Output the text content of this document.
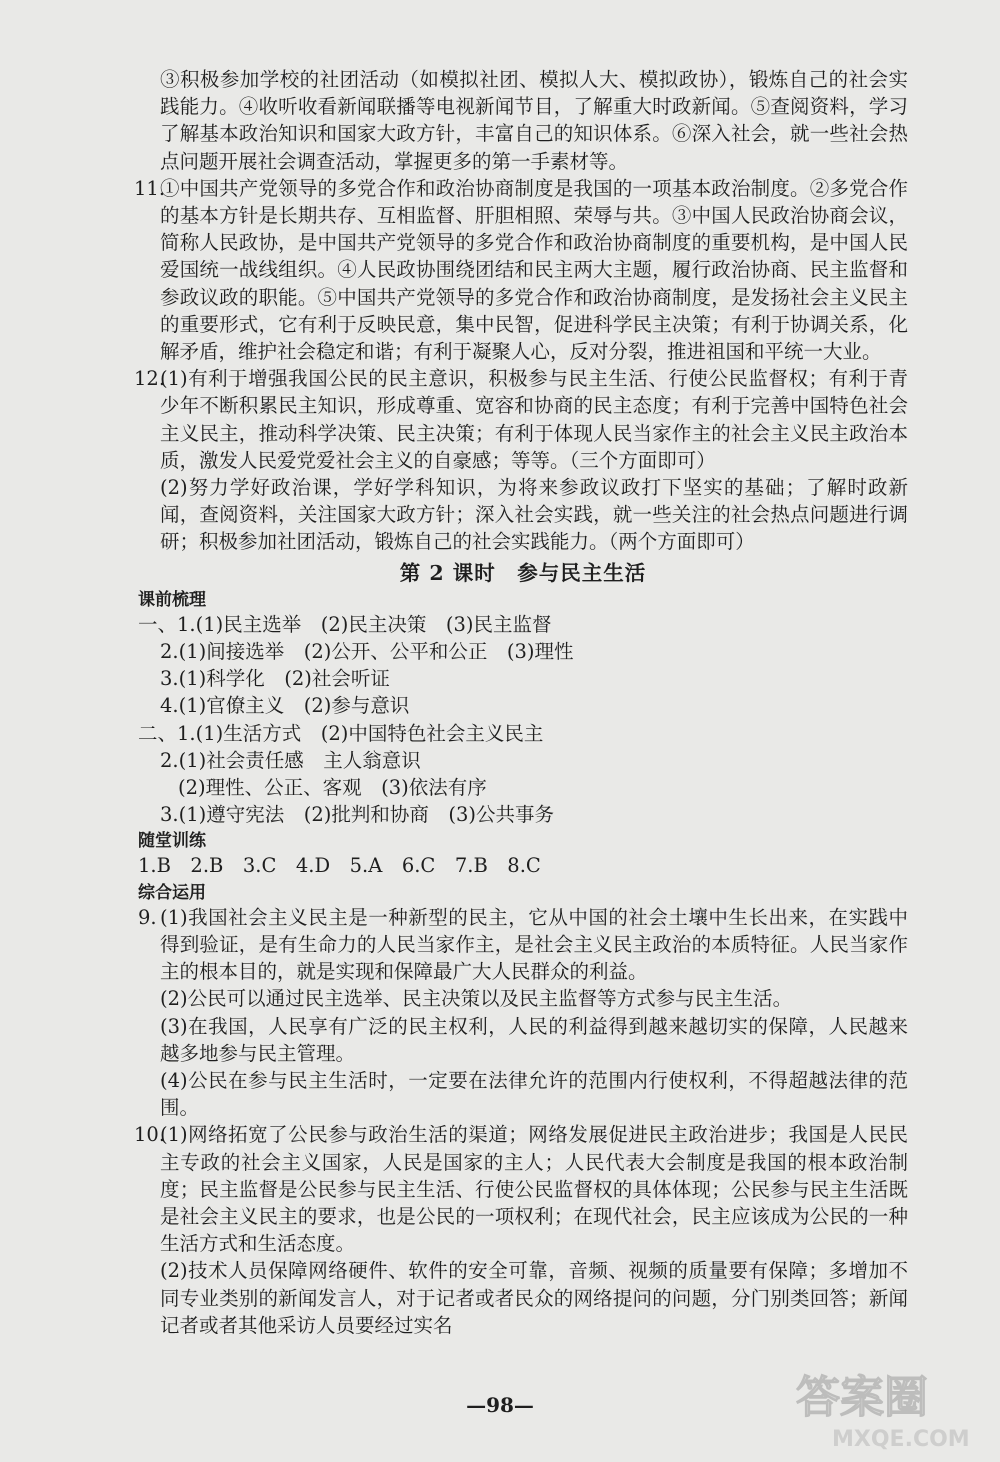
③积极参加学校的社团活动（如模拟社团、模拟人大、模拟政协），锻炼自己的社会实践能力。④收听收看新闻联播等电视新闻节目，了解重大时政新闻。⑤查阅资料，学习了解基本政治知识和国家大政方针，丰富自己的知识体系。⑥深入社会，就一些社会热点问题开展社会调查活动，掌握更多的第一手素材等。

11.
①中国共产党领导的多党合作和政治协商制度是我国的一项基本政治制度。②多党合作的基本方针是长期共存、互相监督、肝胆相照、荣辱与共。③中国人民政治协商会议，简称人民政协，是中国共产党领导的多党合作和政治协商制度的重要机构，是中国人民爱国统一战线组织。④人民政协围绕团结和民主两大主题，履行政治协商、民主监督和参政议政的职能。⑤中国共产党领导的多党合作和政治协商制度，是发扬社会主义民主的重要形式，它有利于反映民意，集中民智，促进科学民主决策；有利于协调关系，化解矛盾，维护社会稳定和谐；有利于凝聚人心，反对分裂，推进祖国和平统一大业。
12.

(1)有利于增强我国公民的民主意识，积极参与民主生活、行使公民监督权；有利于青少年不断积累民主知识，形成尊重、宽容和协商的民主态度；有利于完善中国特色社会主义民主，推动科学决策、民主决策；有利于体现人民当家作主的社会主义民主政治本质，激发人民爱党爱社会主义的自豪感；等等。（三个方面即可）

(2)努力学好政治课，学好学科知识，为将来参政议政打下坚实的基础；了解时政新闻，查阅资料，关注国家大政方针；深入社会实践，就一些关注的社会热点问题进行调研；积极参加社团活动，锻炼自己的社会实践能力。（两个方面即可）

第 2 课时　参与民主生活
课前梳理
一、1.(1)民主选举　(2)民主决策　(3)民主监督
2.(1)间接选举　(2)公开、公平和公正　(3)理性
3.(1)科学化　(2)社会听证
4.(1)官僚主义　(2)参与意识
二、1.(1)生活方式　(2)中国特色社会主义民主
2.(1)社会责任感　主人翁意识
(2)理性、公正、客观　(3)依法有序
3.(1)遵守宪法　(2)批判和协商　(3)公共事务
随堂训练
1.B　2.B　3.C　4.D　5.A　6.C　7.B　8.C
综合运用
9. (1)我国社会主义民主是一种新型的民主，它从中国的社会土壤中生长出来，在实践中得到验证，是有生命力的人民当家作主，是社会主义民主政治的本质特征。人民当家作主的根本目的，就是实现和保障最广大人民群众的利益。

(2)公民可以通过民主选举、民主决策以及民主监督等方式参与民主生活。

(3)在我国，人民享有广泛的民主权利，人民的利益得到越来越切实的保障，人民越来越多地参与民主管理。

(4)公民在参与民主生活时，一定要在法律允许的范围内行使权利，不得超越法律的范围。

10.

(1)网络拓宽了公民参与政治生活的渠道；网络发展促进民主政治进步；我国是人民民主专政的社会主义国家，人民是国家的主人；人民代表大会制度是我国的根本政治制度；民主监督是公民参与民主生活、行使公民监督权的具体体现；公民参与民主生活既是社会主义民主的要求，也是公民的一项权利；在现代社会，民主应该成为公民的一种生活方式和生活态度。

(2)技术人员保障网络硬件、软件的安全可靠，音频、视频的质量要有保障；多增加不同专业类别的新闻发言人，对于记者或者民众的网络提问的问题，分门别类回答；新闻记者或者其他采访人员要经过实名

—98—	答案圈
MXQE.COM
